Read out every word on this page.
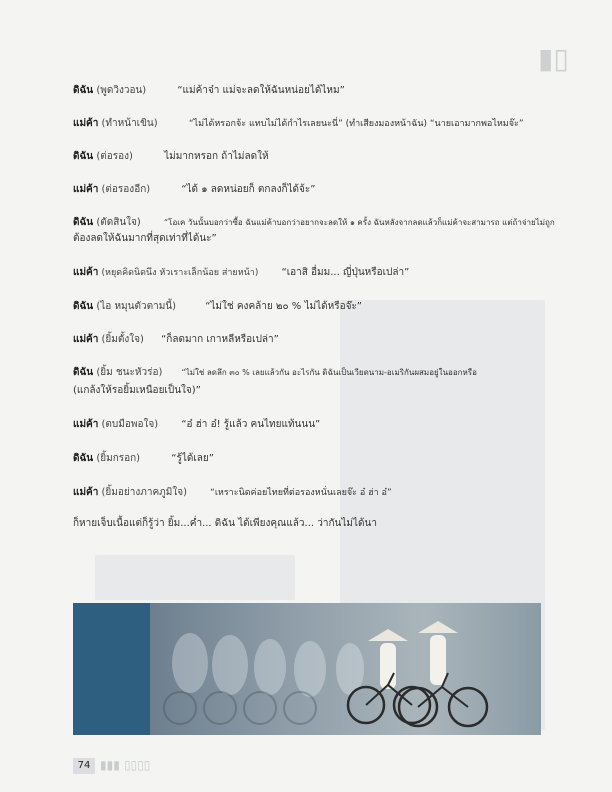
▮▯
ดิฉัน (พูดวิงวอน)	“แม่ค้าจ๋า แม่จะลดให้ฉันหน่อยได้ไหม”
แม่ค้า (ทำหน้าเขิน)	“ไม่ได้หรอกจ้ะ แทบไม่ได้กำไรเลยนะนี่” (ทำเสียงมองหน้าฉัน) “นายเอามากพอไหมจ๊ะ”
ดิฉัน (ต่อรอง)	ไม่มากหรอก ถ้าไม่ลดให้
แม่ค้า (ต่อรองอีก)	“ได้ ๑ ลดหน่อยก็ ตกลงก็ได้จ้ะ”
ดิฉัน (ตัดสินใจ)	“โอเค วันนั้นบอกว่าซื้อ ฉันแม่ค้าบอกว่าอยากจะลดให้ ๑ ครั้ง ฉันหลังจากลดแล้วก็แม่ค้าจะสามารถ แต่ถ้าจ่ายไม่ถูก
ต้องลดให้ฉันมากที่สุดเท่าที่ได้นะ”
แม่ค้า (หยุดคิดนิดนึง หัวเราะเล็กน้อย ส่ายหน้า) “เอาสิ อื่มม... ญี่ปุ่นหรือเปล่า”
ดิฉัน (ไอ หมุนตัวตามนี้)	“ไม่ใช่ คงคล้าย ๒๐ % ไม่ได้หรือจ๊ะ”
แม่ค้า (ยิ้มตั้งใจ) “ก็ลดมาก เกาหลีหรือเปล่า”
ดิฉัน (ยิ้ม ชนะหัวร่อ) “ไม่ใช่ ลดลึก ๓๐ % เลยแล้วกัน อะไรกัน ดิฉันเป็นเวียดนาม-อเมริกันผสมอยู่ในออกหรือ
(แกล้งให้รอยิ้มเหนือยเป็นใจ)”
แม่ค้า (ตบมือพอใจ) “อ๋ ฮ่า อ๋! รู้แล้ว คนไทยแท้นนน”
ดิฉัน (ยิ้มกรอก)	“รู้ได้เลย”
แม่ค้า (ยิ้มอย่างภาคภูมิใจ)	“เหราะนิดค่อยไทยที่ต่อรองหนั่นเลยจ๊ะ อ๋ ฮ่า อ๋”
ก็หายเจ็บเนื้อแต่ก็รู้ว่า ยิ้ม...ค่ำ... ดิฉัน ได้เพียงคุณแล้ว... ว่ากันไม่ได้นา
74 ▮▮▮ ▯▯▯▯
